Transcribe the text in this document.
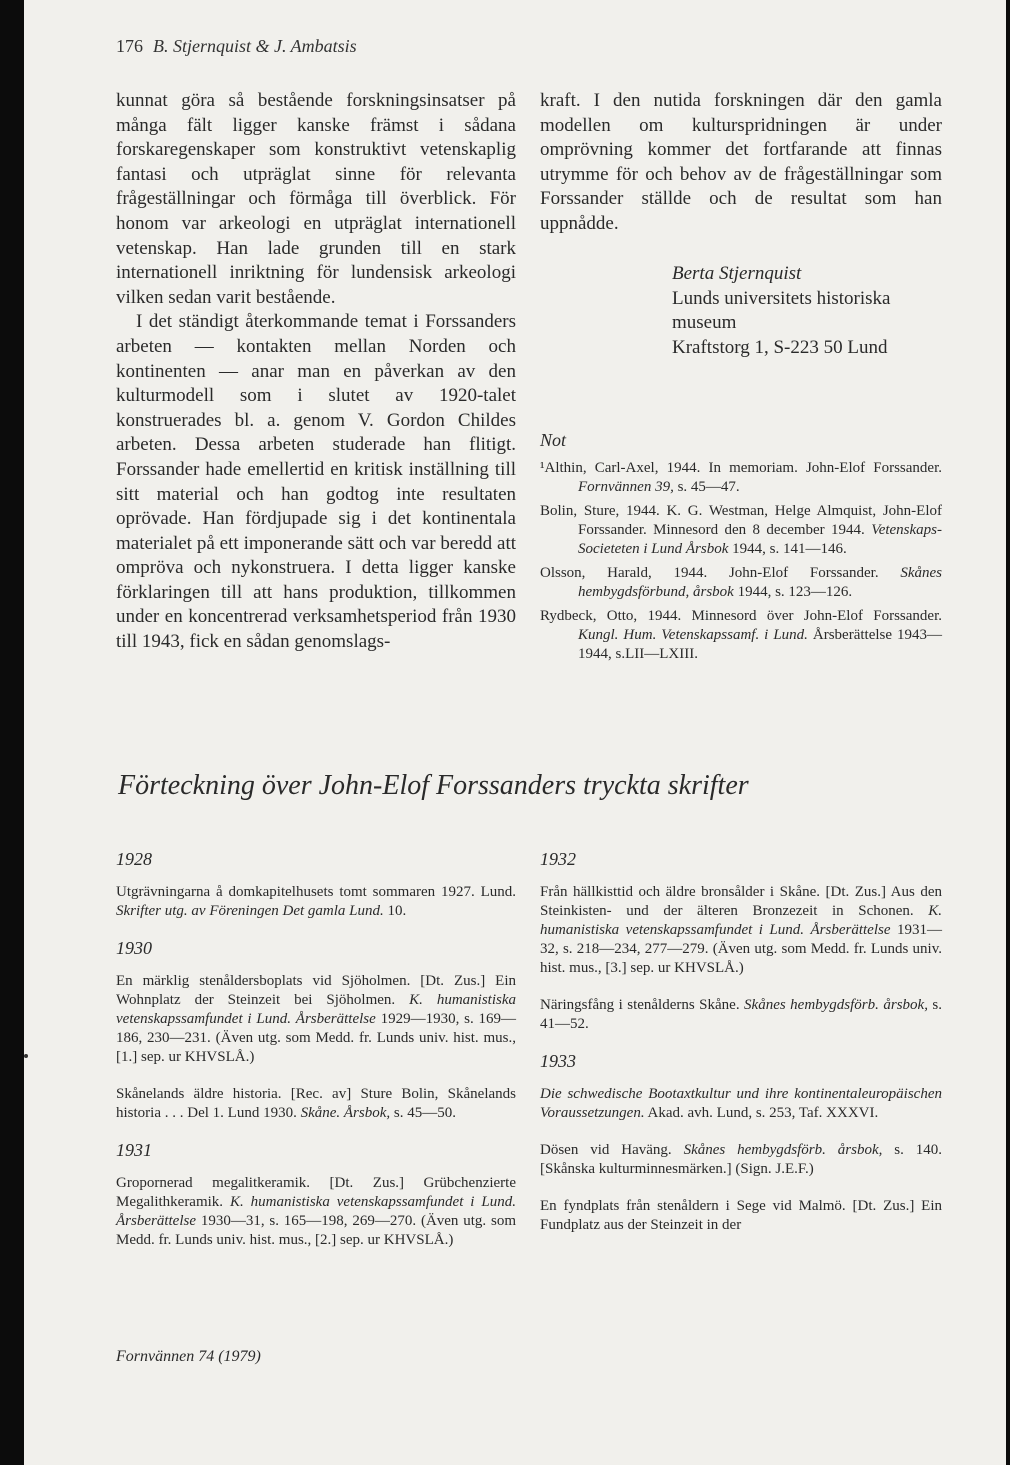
176 B. Stjernquist & J. Ambatsis

kunnat göra så bestående forskningsinsatser på många fält ligger kanske främst i sådana forskaregenskaper som konstruktivt vetenskaplig fantasi och utpräglat sinne för relevanta frågeställningar och förmåga till överblick. För honom var arkeologi en utpräglat internationell vetenskap. Han lade grunden till en stark internationell inriktning för lundensisk arkeologi vilken sedan varit bestående.

I det ständigt återkommande temat i Forssanders arbeten — kontakten mellan Norden och kontinenten — anar man en påverkan av den kulturmodell som i slutet av 1920-talet konstruerades bl. a. genom V. Gordon Childes arbeten. Dessa arbeten studerade han flitigt. Forssander hade emellertid en kritisk inställning till sitt material och han godtog inte resultaten oprövade. Han fördjupade sig i det kontinentala materialet på ett imponerande sätt och var beredd att ompröva och nykonstruera. I detta ligger kanske förklaringen till att hans produktion, tillkommen under en koncentrerad verksamhetsperiod från 1930 till 1943, fick en sådan genomslags-

kraft. I den nutida forskningen där den gamla modellen om kulturspridningen är under omprövning kommer det fortfarande att finnas utrymme för och behov av de frågeställningar som Forssander ställde och de resultat som han uppnådde.

Berta Stjernquist
Lunds universitets historiska
museum
Kraftstorg 1, S-223 50 Lund
Not

¹Althin, Carl-Axel, 1944. In memoriam. John-Elof Forssander. Fornvännen 39, s. 45—47.

Bolin, Sture, 1944. K. G. Westman, Helge Almquist, John-Elof Forssander. Minnesord den 8 december 1944. Vetenskaps-Societeten i Lund Årsbok 1944, s. 141—146.

Olsson, Harald, 1944. John-Elof Forssander. Skånes hembygdsförbund, årsbok 1944, s. 123—126.

Rydbeck, Otto, 1944. Minnesord över John-Elof Forssander. Kungl. Hum. Vetenskapssamf. i Lund. Årsberättelse 1943—1944, s.LII—LXIII.

Förteckning över John-Elof Forssanders tryckta skrifter
1928

Utgrävningarna å domkapitelhusets tomt sommaren 1927. Lund. Skrifter utg. av Föreningen Det gamla Lund. 10.

1930

En märklig stenåldersboplats vid Sjöholmen. [Dt. Zus.] Ein Wohnplatz der Steinzeit bei Sjöholmen. K. humanistiska vetenskapssamfundet i Lund. Årsberättelse 1929—1930, s. 169—186, 230—231. (Även utg. som Medd. fr. Lunds univ. hist. mus., [1.] sep. ur KHVSLÅ.)

Skånelands äldre historia. [Rec. av] Sture Bolin, Skånelands historia . . . Del 1. Lund 1930. Skåne. Årsbok, s. 45—50.

1931

Gropornerad megalitkeramik. [Dt. Zus.] Grübchenzierte Megalithkeramik. K. humanistiska vetenskapssamfundet i Lund. Årsberättelse 1930—31, s. 165—198, 269—270. (Även utg. som Medd. fr. Lunds univ. hist. mus., [2.] sep. ur KHVSLÅ.)

1932

Från hällkisttid och äldre bronsålder i Skåne. [Dt. Zus.] Aus den Steinkisten- und der älteren Bronzezeit in Schonen. K. humanistiska vetenskapssamfundet i Lund. Årsberättelse 1931—32, s. 218—234, 277—279. (Även utg. som Medd. fr. Lunds univ. hist. mus., [3.] sep. ur KHVSLÅ.)

Näringsfång i stenålderns Skåne. Skånes hembygdsförb. årsbok, s. 41—52.

1933

Die schwedische Bootaxtkultur und ihre kontinentaleuropäischen Voraussetzungen. Akad. avh. Lund, s. 253, Taf. XXXVI.

Dösen vid Haväng. Skånes hembygdsförb. årsbok, s. 140. [Skånska kulturminnesmärken.] (Sign. J.E.F.)

En fyndplats från stenåldern i Sege vid Malmö. [Dt. Zus.] Ein Fundplatz aus der Steinzeit in der

Fornvännen 74 (1979)
